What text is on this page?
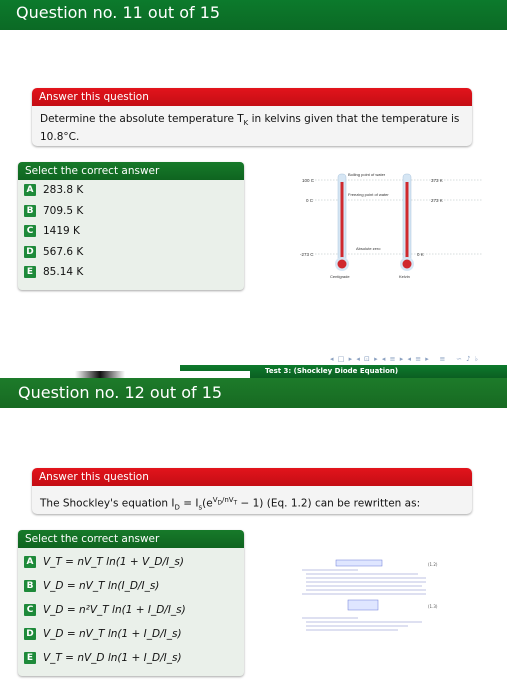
Question no. 11 out of 15
Answer this question
Determine the absolute temperature $T_K$ in kelvins given that the temperature is 10.8°C.
Select the correct answer
A 283.8 K
B 709.5 K
C 1419 K
D 567.6 K
E 85.14 K
100 C
0 C
-273 C
Boiling point of water
Freezing point of water
Absolute zero
373 K
273 K
0 K
Centigrade	Kelvin
◂ □ ▸ ◂ ⊡ ▸ ◂ ≡ ▸ ◂ ≡ ▸   ≡   ∽ ♪ ♭
Test 3: (Shockley Diode Equation)
Question no. 12 out of 15
Answer this question
The Shockley's equation $I_D = I_s(e^{V_D/nV_T} - 1)$ (Eq. 1.2) can be rewritten as:
Select the correct answer
A V_T = nV_T ln(1 + V_D/I_s)
B V_D = nV_T ln(I_D/I_s)
C V_D = n²V_T ln(1 + I_D/I_s)
D V_D = nV_T ln(1 + I_D/I_s)
E V_T = nV_D ln(1 + I_D/I_s)
(1.2)
(1.3)
